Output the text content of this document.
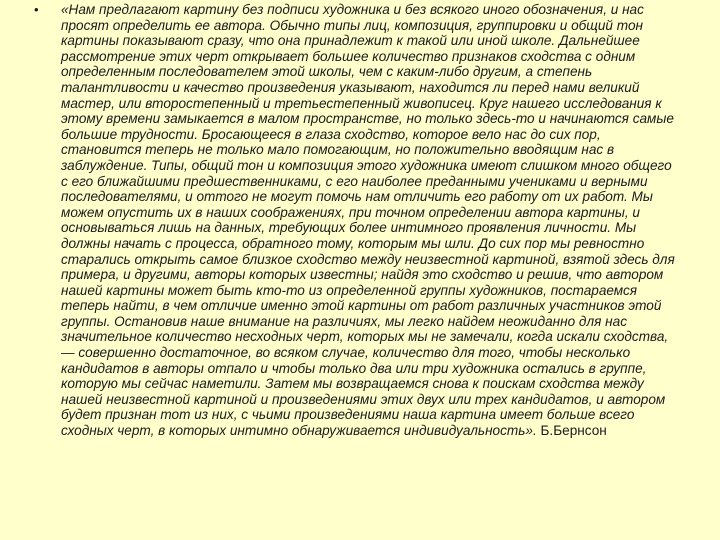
• «Нам предлагают картину без подписи художника и без всякого иного обозначения, и нас просят определить ее автора. Обычно типы лиц, композиция, группировки и общий тон картины показывают сразу, что она принадлежит к такой или иной школе. Дальнейшее рассмотрение этих черт открывает большее количество признаков сходства с одним определенным последователем этой школы, чем с каким-либо другим, а степень талантливости и качество произведения указывают, находится ли перед нами великий мастер, или второстепенный и третьестепенный живописец. Круг нашего исследования к этому времени замыкается в малом пространстве, но только здесь-то и начинаются самые большие трудности. Бросающееся в глаза сходство, которое вело нас до сих пор, становится теперь не только мало помогающим, но положительно вводящим нас в заблуждение. Типы, общий тон и композиция этого художника имеют слишком много общего с его ближайшими предшественниками, с его наиболее преданными учениками и верными последователями, и оттого не могут помочь нам отличить его работу от их работ. Мы можем опустить их в наших соображениях, при точном определении автора картины, и основываться лишь на данных, требующих более интимного проявления личности. Мы должны начать с процесса, обратного тому, которым мы шли. До сих пор мы ревностно старались открыть самое близкое сходство между неизвестной картиной, взятой здесь для примера, и другими, авторы которых известны; найдя это сходство и решив, что автором нашей картины может быть кто-то из определенной группы художников, постараемся теперь найти, в чем отличие именно этой картины от работ различных участников этой группы. Остановив наше внимание на различиях, мы легко найдем неожиданно для нас значительное количество несходных черт, которых мы не замечали, когда искали сходства, — совершенно достаточное, во всяком случае, количество для того, чтобы несколько кандидатов в авторы отпало и чтобы только два или три художника остались в группе, которую мы сейчас наметили. Затем мы возвращаемся снова к поискам сходства между нашей неизвестной картиной и произведениями этих двух или трех кандидатов, и автором будет признан тот из них, с чьими произведениями наша картина имеет больше всего сходных черт, в которых интимно обнаруживается индивидуальность». Б.Бернсон
